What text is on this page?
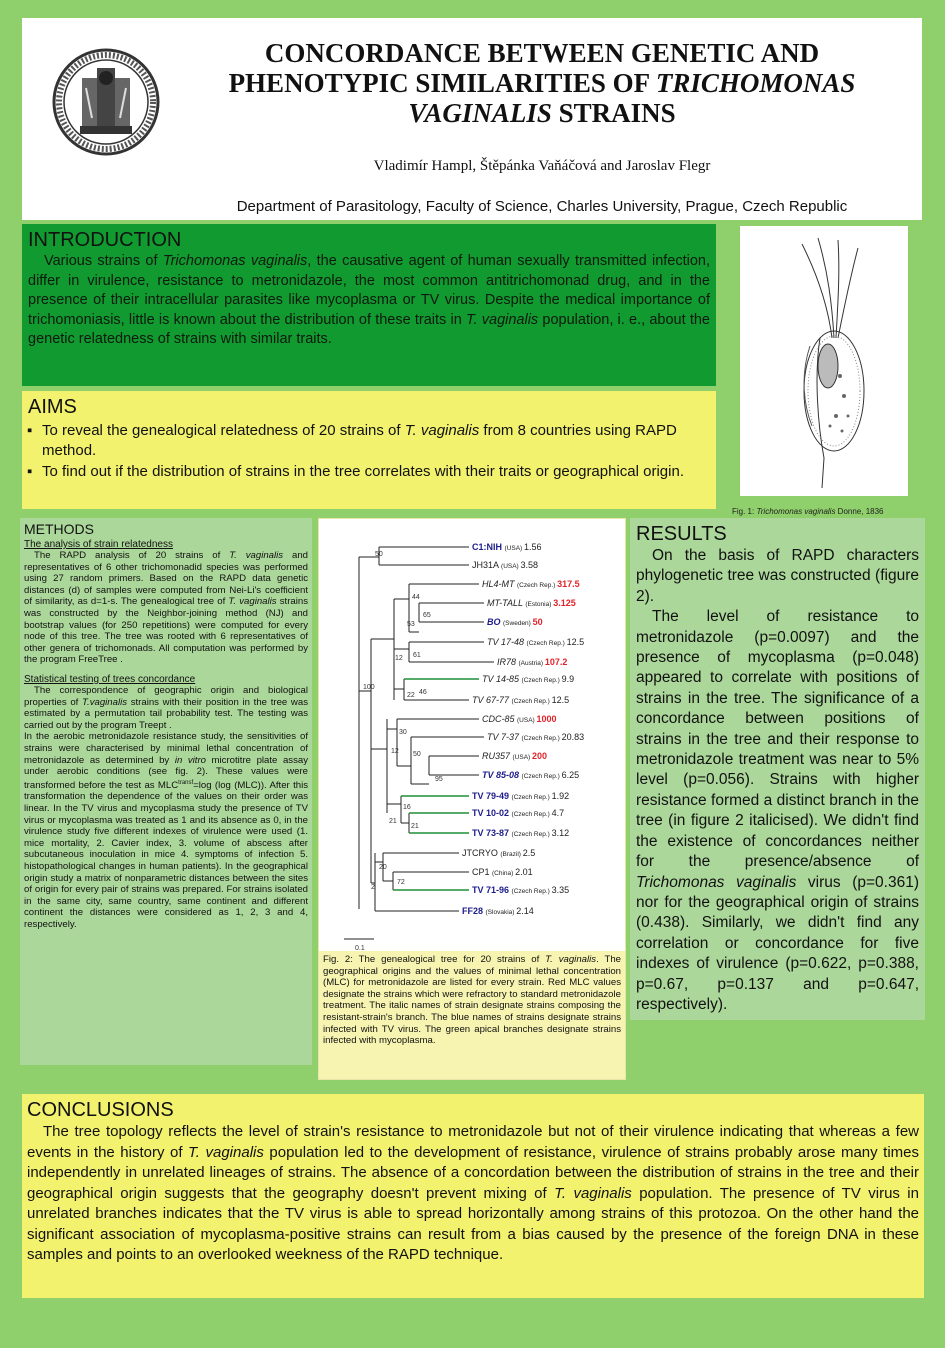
CONCORDANCE BETWEEN GENETIC AND
PHENOTYPIC SIMILARITIES OF TRICHOMONAS
VAGINALIS STRAINS
Vladimír Hampl, Štěpánka Vaňáčová and Jaroslav Flegr
Department of Parasitology, Faculty of Science, Charles University, Prague, Czech Republic
INTRODUCTION
Various strains of Trichomonas vaginalis, the causative agent of human sexually transmitted infection, differ in virulence, resistance to metronidazole, the most common antitrichomonad drug, and in the presence of their intracellular parasites like mycoplasma or TV virus. Despite the medical importance of trichomoniasis, little is known about the distribution of these traits in T. vaginalis population, i. e., about the genetic relatedness of strains with similar traits.
Fig. 1: Trichomonas vaginalis Donne, 1836
AIMS
▪ To reveal the genealogical relatedness of 20 strains of T. vaginalis from 8 countries using RAPD method.
▪ To find out if the distribution of strains in the tree correlates with their traits or geographical origin.
METHODS
The analysis of strain relatedness
The RAPD analysis of 20 strains of T. vaginalis and representatives of 6 other trichomonadid species was performed using 27 random primers. Based on the RAPD data genetic distances (d) of samples were computed from Nei-Li's coefficient of similarity, as d=1-s. The genealogical tree of T. vaginalis strains was constructed by the Neighbor-joining method (NJ) and bootstrap values (for 250 repetitions) were computed for every node of this tree. The tree was rooted with 6 representatives of other genera of trichomonads. All computation was performed by the program FreeTree .
Statistical testing of trees concordance
The correspondence of geographic origin and biological properties of T.vaginalis strains with their position in the tree was estimated by a permutation tail probability test. The testing was carried out by the program Treept .
In the aerobic metronidazole resistance study, the sensitivities of strains were characterised by minimal lethal concentration of metronidazole as determined by in vitro microtitre plate assay under aerobic conditions (see fig. 2). These values were transformed before the test as $MLC^{transf}=\log$ (log (MLC)). After this transformation the dependence of the values on their order was linear. In the TV virus and mycoplasma study the presence of TV virus or mycoplasma was treated as 1 and its absence as 0, in the virulence study five different indexes of virulence were used (1. mice mortality, 2. Cavier index, 3. volume of abscess after subcutaneous inoculation in mice 4. symptoms of infection 5. histopathological changes in human patients). In the geographical origin study a matrix of nonparametric distances between the sites of origin for every pair of strains was prepared. For strains isolated in the same city, same country, same continent and different continent the distances were considered as 1, 2, 3 and 4, respectively.
50
100
44
65
53
61
12
46
22
30
50
95
12
16
21
21
20
72
2
C1:NIH (USA) 1.56
JH31A (USA) 3.58
HL4-MT (Czech Rep.) 317.5
MT-TALL (Estonia) 3.125
BO (Sweden) 50
TV 17-48 (Czech Rep.) 12.5
IR78 (Austria) 107.2
TV 14-85 (Czech Rep.) 9.9
TV 67-77 (Czech Rep.) 12.5
CDC-85 (USA) 1000
TV 7-37 (Czech Rep.) 20.83
RU357 (USA) 200
TV 85-08 (Czech Rep.) 6.25
TV 79-49 (Czech Rep.) 1.92
TV 10-02 (Czech Rep.) 4.7
TV 73-87 (Czech Rep.) 3.12
JTCRYO (Brazil) 2.5
CP1 (China) 2.01
TV 71-96 (Czech Rep.) 3.35
FF28 (Slovakia) 2.14
0.1
Fig. 2: The genealogical tree for 20 strains of T. vaginalis. The geographical origins and the values of minimal lethal concentration (MLC) for metronidazole are listed for every strain. Red MLC values designate the strains which were refractory to standard metronidazole treatment. The italic names of strain designate strains composing the resistant-strain's branch. The blue names of strains designate strains infected with TV virus. The green apical branches designate strains infected with mycoplasma.
RESULTS
On the basis of RAPD characters phylogenetic tree was constructed (figure 2).
The level of resistance to metronidazole (p=0.0097) and the presence of mycoplasma (p=0.048) appeared to correlate with positions of strains in the tree. The significance of a concordance between positions of strains in the tree and their response to metronidazole treatment was near to 5% level (p=0.056). Strains with higher resistance formed a distinct branch in the tree (in figure 2 italicised). We didn't find the existence of concordances neither for the presence/absence of Trichomonas vaginalis virus (p=0.361) nor for the geographical origin of strains (0.438). Similarly, we didn't find any correlation or concordance for five indexes of virulence (p=0.622, p=0.388, p=0.67, p=0.137 and p=0.647, respectively).
CONCLUSIONS
The tree topology reflects the level of strain's resistance to metronidazole but not of their virulence indicating that whereas a few events in the history of T. vaginalis population led to the development of resistance, virulence of strains probably arose many times independently in unrelated lineages of strains. The absence of a concordation between the distribution of strains in the tree and their geographical origin suggests that the geography doesn't prevent mixing of T. vaginalis population. The presence of TV virus in unrelated branches indicates that the TV virus is able to spread horizontally among strains of this protozoa. On the other hand the significant association of mycoplasma-positive strains can result from a bias caused by the presence of the foreign DNA in these samples and points to an overlooked weekness of the RAPD technique.
